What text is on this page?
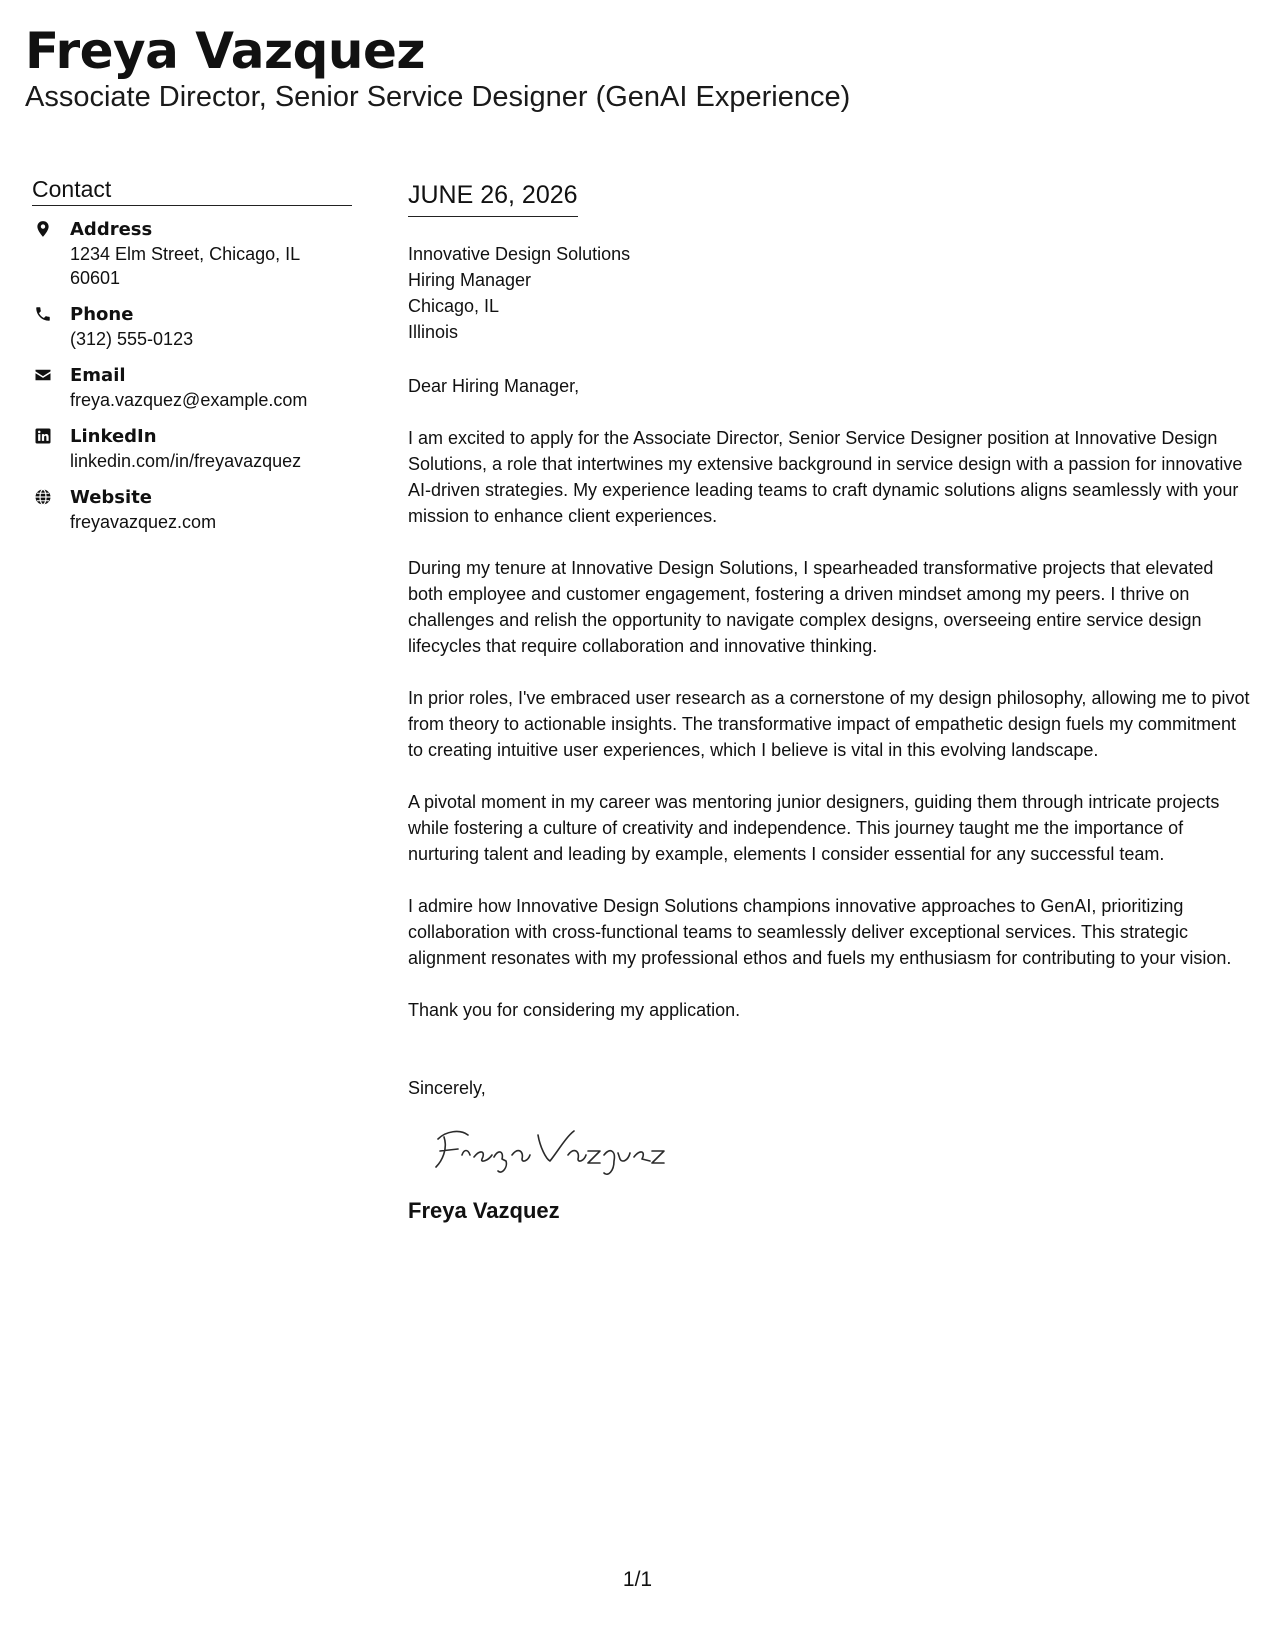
Freya Vazquez
Associate Director, Senior Service Designer (GenAI Experience)
Contact
Address
1234 Elm Street, Chicago, IL 60601
Phone
(312) 555-0123
Email
freya.vazquez@example.com
LinkedIn
linkedin.com/in/freyavazquez
Website
freyavazquez.com
JUNE 26, 2026
Innovative Design Solutions
Hiring Manager
Chicago, IL
Illinois
Dear Hiring Manager,

I am excited to apply for the Associate Director, Senior Service Designer position at Innovative Design Solutions, a role that intertwines my extensive background in service design with a passion for innovative AI-driven strategies. My experience leading teams to craft dynamic solutions aligns seamlessly with your mission to enhance client experiences.

During my tenure at Innovative Design Solutions, I spearheaded transformative projects that elevated both employee and customer engagement, fostering a driven mindset among my peers. I thrive on challenges and relish the opportunity to navigate complex designs, overseeing entire service design lifecycles that require collaboration and innovative thinking.

In prior roles, I've embraced user research as a cornerstone of my design philosophy, allowing me to pivot from theory to actionable insights. The transformative impact of empathetic design fuels my commitment to creating intuitive user experiences, which I believe is vital in this evolving landscape.

A pivotal moment in my career was mentoring junior designers, guiding them through intricate projects while fostering a culture of creativity and independence. This journey taught me the importance of nurturing talent and leading by example, elements I consider essential for any successful team.

I admire how Innovative Design Solutions champions innovative approaches to GenAI, prioritizing collaboration with cross-functional teams to seamlessly deliver exceptional services. This strategic alignment resonates with my professional ethos and fuels my enthusiasm for contributing to your vision.

Thank you for considering my application.

Sincerely,
Freya Vazquez
1/1
